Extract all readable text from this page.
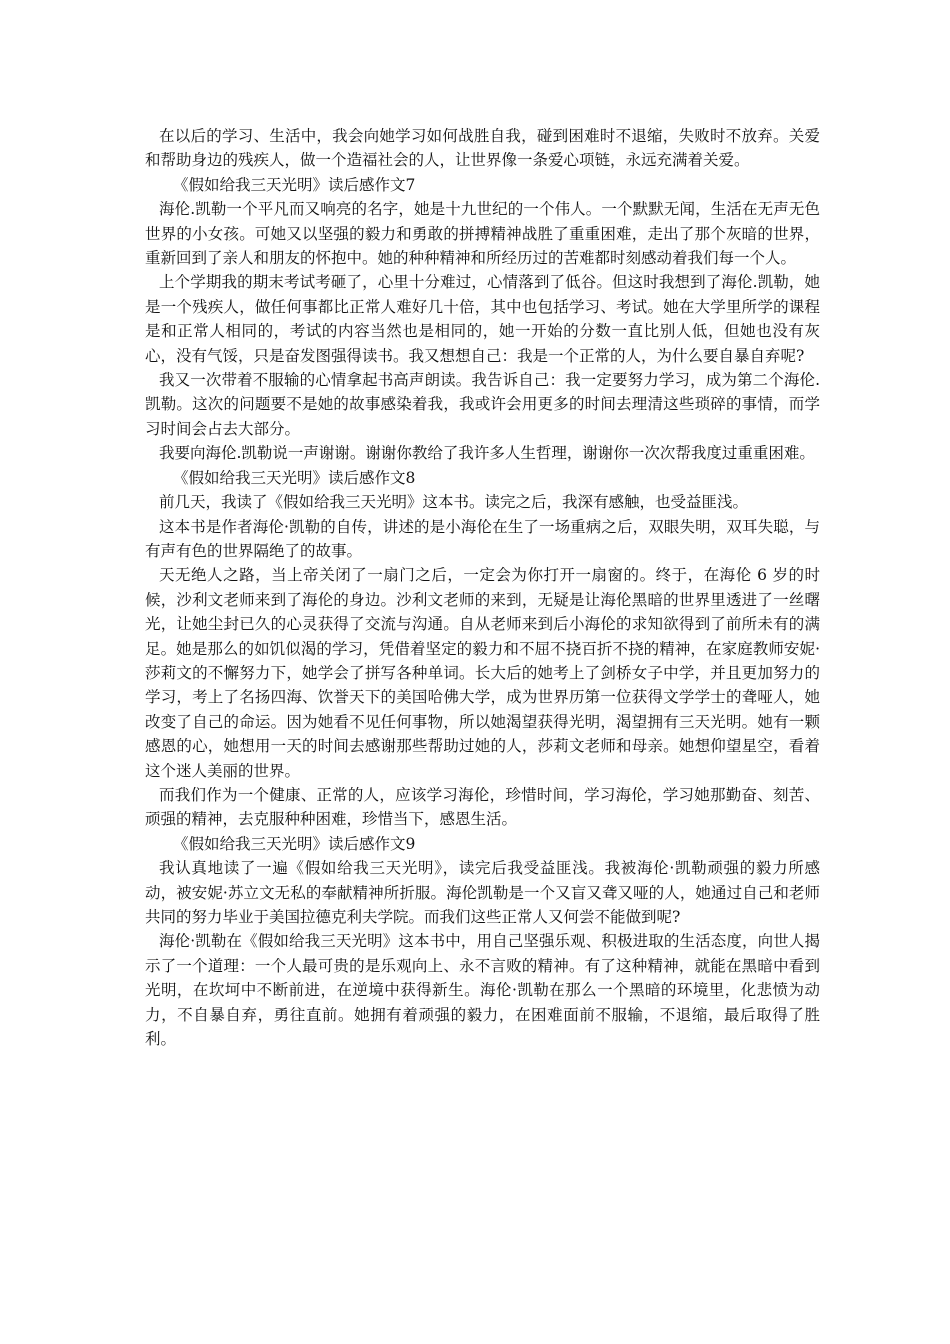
在以后的学习、生活中，我会向她学习如何战胜自我，碰到困难时不退缩，失败时不放弃。关爱和帮助身边的残疾人，做一个造福社会的人，让世界像一条爱心项链，永远充满着关爱。

《假如给我三天光明》读后感作文7

海伦.凯勒一个平凡而又响亮的名字，她是十九世纪的一个伟人。一个默默无闻，生活在无声无色世界的小女孩。可她又以坚强的毅力和勇敢的拼搏精神战胜了重重困难，走出了那个灰暗的世界，重新回到了亲人和朋友的怀抱中。她的种种精神和所经历过的苦难都时刻感动着我们每一个人。

上个学期我的期末考试考砸了，心里十分难过，心情落到了低谷。但这时我想到了海伦.凯勒，她是一个残疾人，做任何事都比正常人难好几十倍，其中也包括学习、考试。她在大学里所学的课程是和正常人相同的，考试的内容当然也是相同的，她一开始的分数一直比别人低，但她也没有灰心，没有气馁，只是奋发图强得读书。我又想想自己：我是一个正常的人，为什么要自暴自弃呢?

我又一次带着不服输的心情拿起书高声朗读。我告诉自己：我一定要努力学习，成为第二个海伦.凯勒。这次的问题要不是她的故事感染着我，我或许会用更多的时间去理清这些琐碎的事情，而学习时间会占去大部分。

我要向海伦.凯勒说一声谢谢。谢谢你教给了我许多人生哲理，谢谢你一次次帮我度过重重困难。

《假如给我三天光明》读后感作文8

前几天，我读了《假如给我三天光明》这本书。读完之后，我深有感触，也受益匪浅。

这本书是作者海伦·凯勒的自传，讲述的是小海伦在生了一场重病之后，双眼失明，双耳失聪，与有声有色的世界隔绝了的故事。

天无绝人之路，当上帝关闭了一扇门之后，一定会为你打开一扇窗的。终于，在海伦 6 岁的时候，沙利文老师来到了海伦的身边。沙利文老师的来到，无疑是让海伦黑暗的世界里透进了一丝曙光，让她尘封已久的心灵获得了交流与沟通。自从老师来到后小海伦的求知欲得到了前所未有的满足。她是那么的如饥似渴的学习，凭借着坚定的毅力和不屈不挠百折不挠的精神，在家庭教师安妮·莎莉文的不懈努力下，她学会了拼写各种单词。长大后的她考上了剑桥女子中学，并且更加努力的学习，考上了名扬四海、饮誉天下的美国哈佛大学，成为世界历第一位获得文学学士的聋哑人，她改变了自己的命运。因为她看不见任何事物，所以她渴望获得光明，渴望拥有三天光明。她有一颗感恩的心，她想用一天的时间去感谢那些帮助过她的人，莎莉文老师和母亲。她想仰望星空，看着这个迷人美丽的世界。

而我们作为一个健康、正常的人，应该学习海伦，珍惜时间，学习海伦，学习她那勤奋、刻苦、顽强的精神，去克服种种困难，珍惜当下，感恩生活。

《假如给我三天光明》读后感作文9

我认真地读了一遍《假如给我三天光明》，读完后我受益匪浅。我被海伦·凯勒顽强的毅力所感动，被安妮·苏立文无私的奉献精神所折服。海伦凯勒是一个又盲又聋又哑的人，她通过自己和老师共同的努力毕业于美国拉德克利夫学院。而我们这些正常人又何尝不能做到呢?

海伦·凯勒在《假如给我三天光明》这本书中，用自己坚强乐观、积极进取的生活态度，向世人揭示了一个道理：一个人最可贵的是乐观向上、永不言败的精神。有了这种精神，就能在黑暗中看到光明，在坎坷中不断前进，在逆境中获得新生。海伦·凯勒在那么一个黑暗的环境里，化悲愤为动力，不自暴自弃，勇往直前。她拥有着顽强的毅力，在困难面前不服输，不退缩，最后取得了胜利。
